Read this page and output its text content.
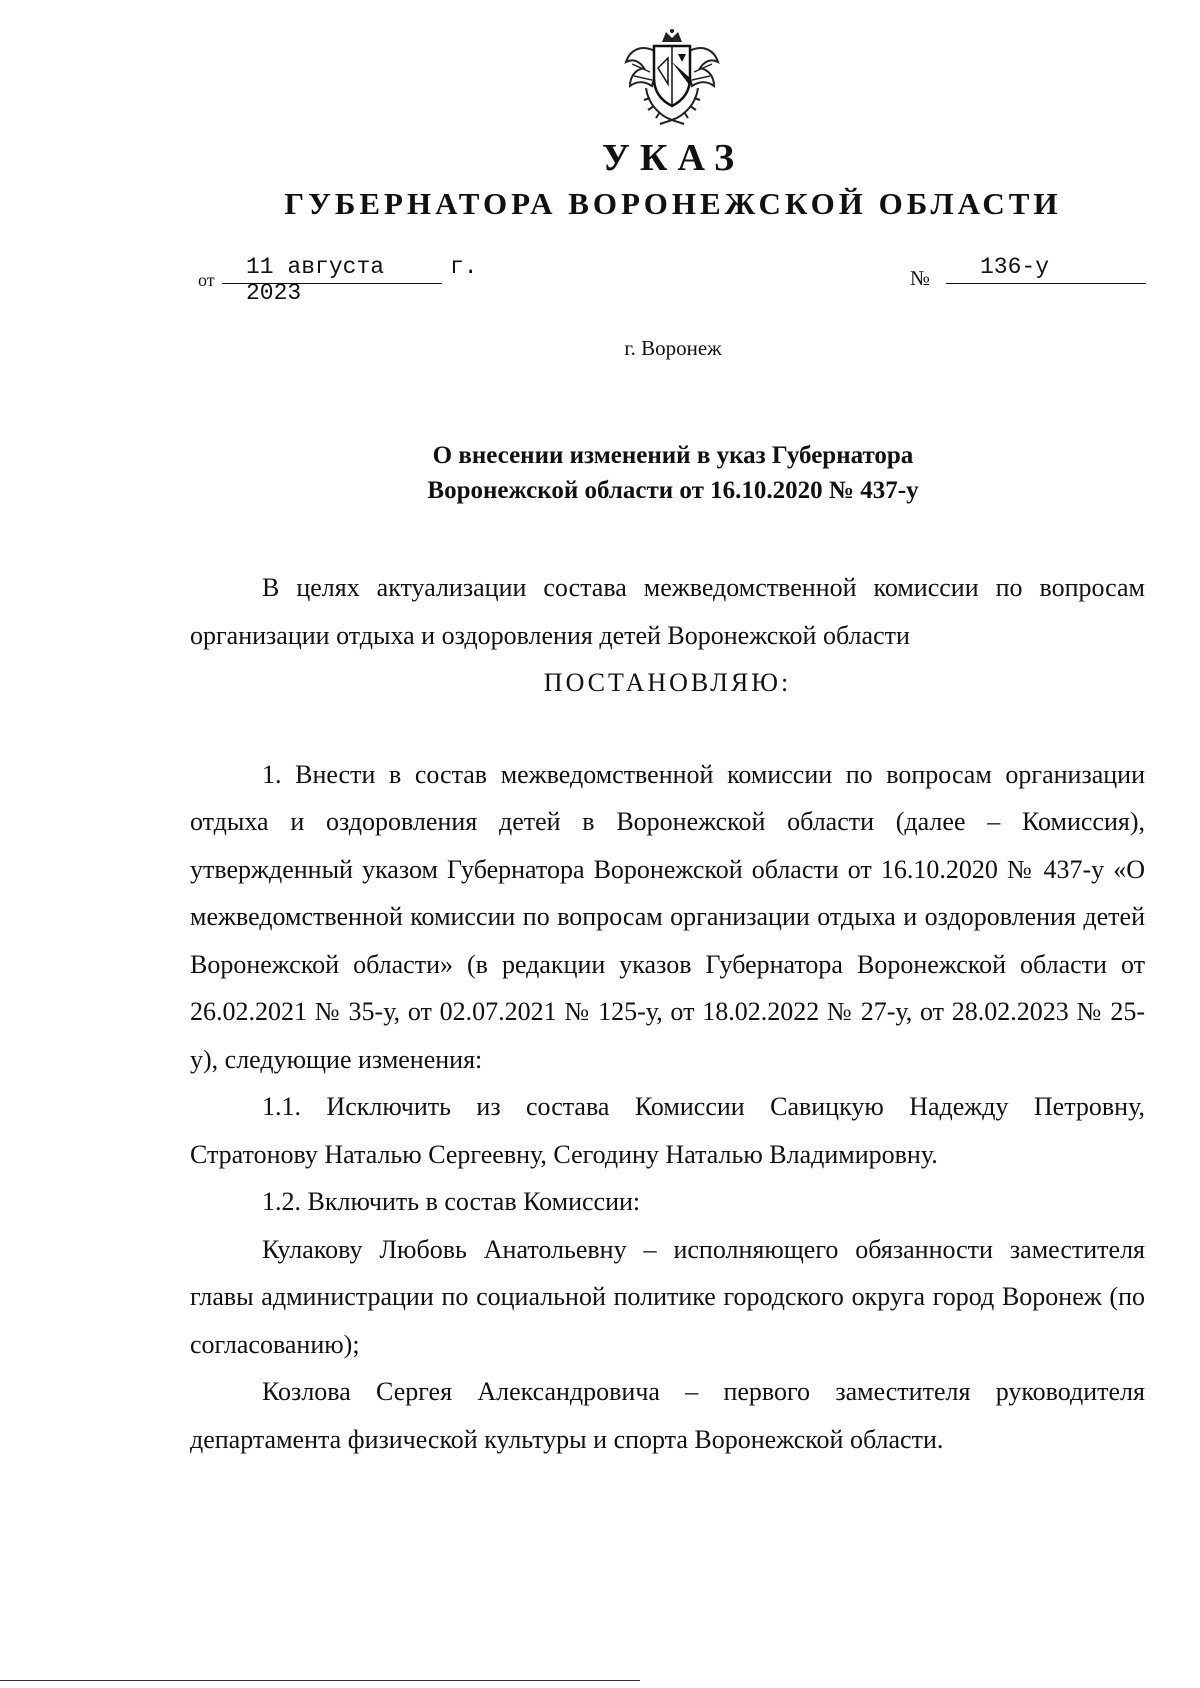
УКАЗ
ГУБЕРНАТОРА ВОРОНЕЖСКОЙ ОБЛАСТИ
от	11 августа 2023
г.	№	136-у
г. Воронеж
О внесении изменений в указ Губернатора
Воронежской области от 16.10.2020 № 437-у

В целях актуализации состава межведомственной комиссии по вопросам организации отдыха и оздоровления детей Воронежской области

ПОСТАНОВЛЯЮ:

1. Внести в состав межведомственной комиссии по вопросам организации отдыха и оздоровления детей в Воронежской области (далее – Комиссия), утвержденный указом Губернатора Воронежской области от 16.10.2020 № 437-у «О межведомственной комиссии по вопросам организации отдыха и оздоровления детей Воронежской области» (в редакции указов Губернатора Воронежской области от 26.02.2021 № 35-у, от 02.07.2021 № 125-у, от 18.02.2022 № 27-у, от 28.02.2023 № 25-у), следующие изменения:

1.1. Исключить из состава Комиссии Савицкую Надежду Петровну, Стратонову Наталью Сергеевну, Сегодину Наталью Владимировну.

1.2. Включить в состав Комиссии:

Кулакову Любовь Анатольевну – исполняющего обязанности заместителя главы администрации по социальной политике городского округа город Воронеж (по согласованию);

Козлова Сергея Александровича – первого заместителя руководителя департамента физической культуры и спорта Воронежской области.
